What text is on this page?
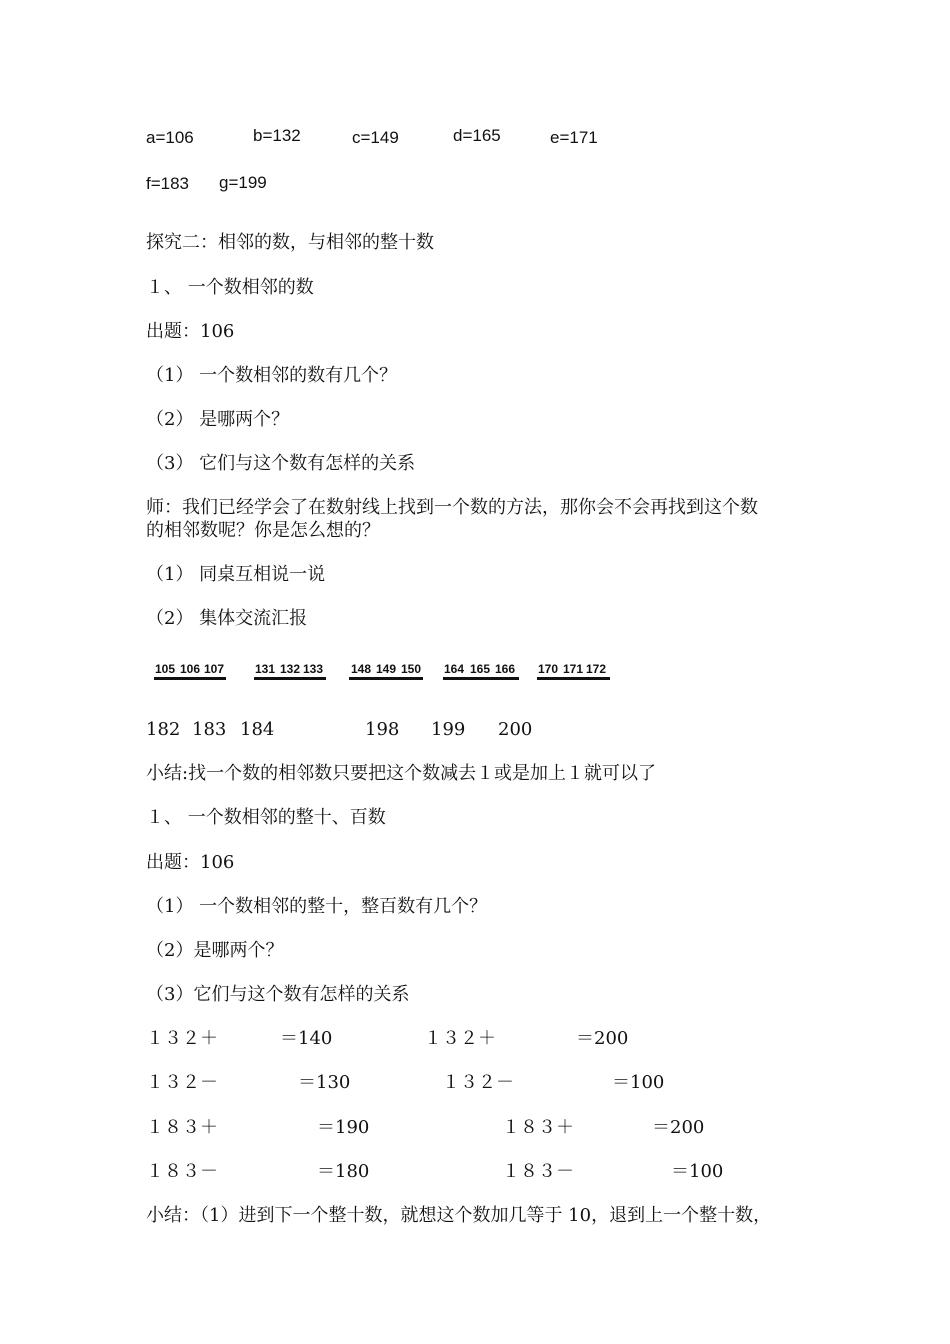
a=106	b=132	c=149	d=165	e=171
f=183 g=199
探究二：相邻的数，与相邻的整十数
１、 一个数相邻的数
出题：106
（1） 一个数相邻的数有几个？
（2） 是哪两个？
（3） 它们与这个数有怎样的关系
师：我们已经学会了在数射线上找到一个数的方法，那你会不会再找到这个数
的相邻数呢？你是怎么想的？
（1） 同桌互相说一说
（2） 集体交流汇报
105 106 107	131 132 133 148 149 150 164 165 166 170 171 172
182 183 184	198 199 200
小结:找一个数的相邻数只要把这个数减去１或是加上１就可以了
１、 一个数相邻的整十、百数
出题：106
（1） 一个数相邻的整十，整百数有几个？
（2）是哪两个？
（3）它们与这个数有怎样的关系
１３２＋	＝140	１３２＋	＝200
１３２－	＝130	１３２－	＝100
１８３＋	＝190	１８３＋	＝200
１８３－	＝180	１８３－	＝100
小结：（1）进到下一个整十数，就想这个数加几等于 10，退到上一个整十数，
